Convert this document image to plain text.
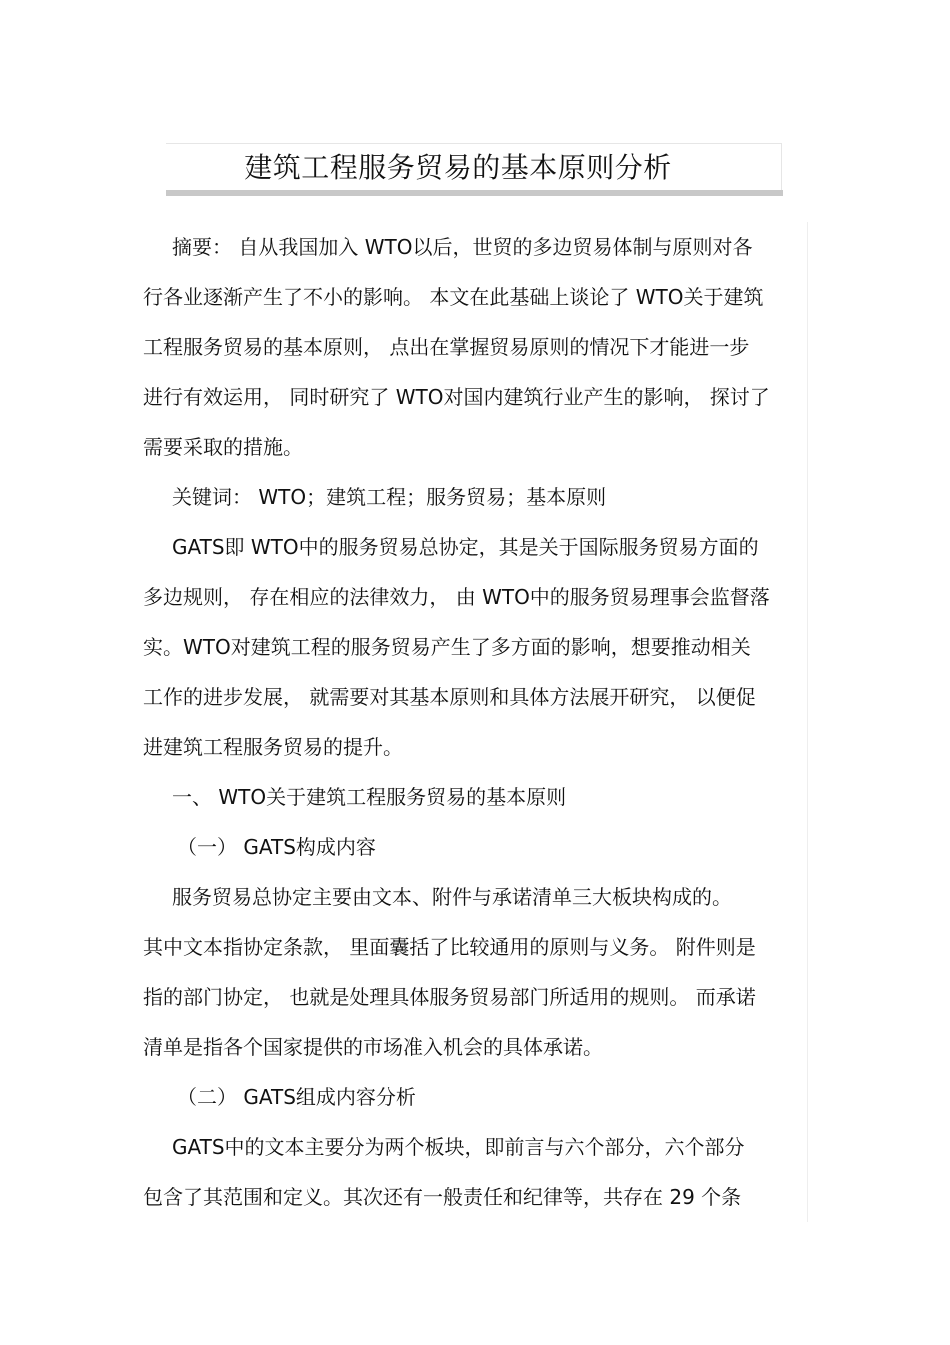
建筑工程服务贸易的基本原则分析

摘要： 自从我国加入 WTO以后，世贸的多边贸易体制与原则对各

行各业逐渐产生了不小的影响。 本文在此基础上谈论了 WTO关于建筑

工程服务贸易的基本原则， 点出在掌握贸易原则的情况下才能进一步

进行有效运用， 同时研究了 WTO对国内建筑行业产生的影响， 探讨了

需要采取的措施。

关键词： WTO；建筑工程；服务贸易；基本原则

GATS即 WTO中的服务贸易总协定，其是关于国际服务贸易方面的

多边规则， 存在相应的法律效力， 由 WTO中的服务贸易理事会监督落

实。WTO对建筑工程的服务贸易产生了多方面的影响，想要推动相关

工作的进步发展， 就需要对其基本原则和具体方法展开研究， 以便促

进建筑工程服务贸易的提升。

一、 WTO关于建筑工程服务贸易的基本原则

（一） GATS构成内容

服务贸易总协定主要由文本、附件与承诺清单三大板块构成的。

其中文本指协定条款， 里面囊括了比较通用的原则与义务。 附件则是

指的部门协定， 也就是处理具体服务贸易部门所适用的规则。 而承诺

清单是指各个国家提供的市场准入机会的具体承诺。

（二） GATS组成内容分析

GATS中的文本主要分为两个板块，即前言与六个部分，六个部分

包含了其范围和定义。其次还有一般责任和纪律等，共存在 29 个条
